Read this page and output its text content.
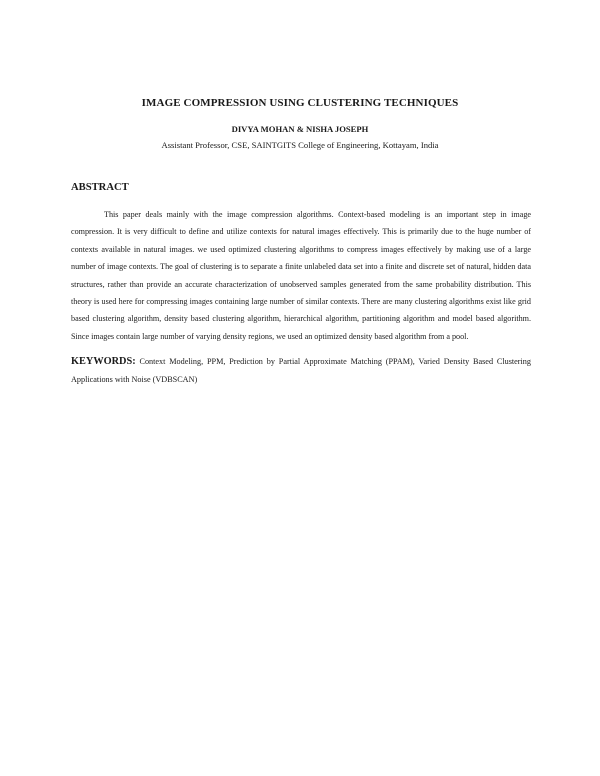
IMAGE COMPRESSION USING CLUSTERING TECHNIQUES
DIVYA MOHAN & NISHA JOSEPH
Assistant Professor, CSE, SAINTGITS College of Engineering, Kottayam, India
ABSTRACT

This paper deals mainly with the image compression algorithms. Context-based modeling is an important step in image compression. It is very difficult to define and utilize contexts for natural images effectively. This is primarily due to the huge number of contexts available in natural images. we used optimized clustering algorithms to compress images effectively by making use of a large number of image contexts. The goal of clustering is to separate a finite unlabeled data set into a finite and discrete set of natural, hidden data structures, rather than provide an accurate characterization of unobserved samples generated from the same probability distribution. This theory is used here for compressing images containing large number of similar contexts. There are many clustering algorithms exist like grid based clustering algorithm, density based clustering algorithm, hierarchical algorithm, partitioning algorithm and model based algorithm. Since images contain large number of varying density regions, we used an optimized density based algorithm from a pool.

KEYWORDS: Context Modeling, PPM, Prediction by Partial Approximate Matching (PPAM), Varied Density Based Clustering Applications with Noise (VDBSCAN)
